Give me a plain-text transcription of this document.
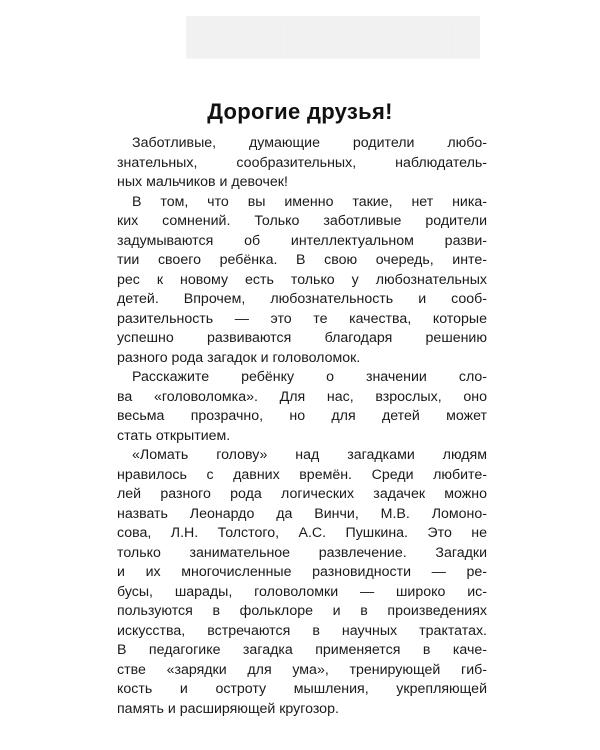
▇▇▇▇▇▇▇▇▇
Дорогие друзья!

Заботливые, думающие родители любо-
знательных, сообразительных, наблюдатель-
ных мальчиков и девочек!

В том, что вы именно такие, нет ника-
ких сомнений. Только заботливые родители
задумываются об интеллектуальном разви-
тии своего ребёнка. В свою очередь, инте-
рес к новому есть только у любознательных
детей. Впрочем, любознательность и сооб-
разительность — это те качества, которые
успешно развиваются благодаря решению
разного рода загадок и головоломок.

Расскажите ребёнку о значении сло-
ва «головоломка». Для нас, взрослых, оно
весьма прозрачно, но для детей может
стать открытием.

«Ломать голову» над загадками людям
нравилось с давних времён. Среди любите-
лей разного рода логических задачек можно
назвать Леонардо да Винчи, М.В. Ломоно-
сова, Л.Н. Толстого, А.С. Пушкина. Это не
только занимательное развлечение. Загадки
и их многочисленные разновидности — ре-
бусы, шарады, головоломки — широко ис-
пользуются в фольклоре и в произведениях
искусства, встречаются в научных трактатах.
В педагогике загадка применяется в каче-
стве «зарядки для ума», тренирующей гиб-
кость и остроту мышления, укрепляющей
память и расширяющей кругозор.
